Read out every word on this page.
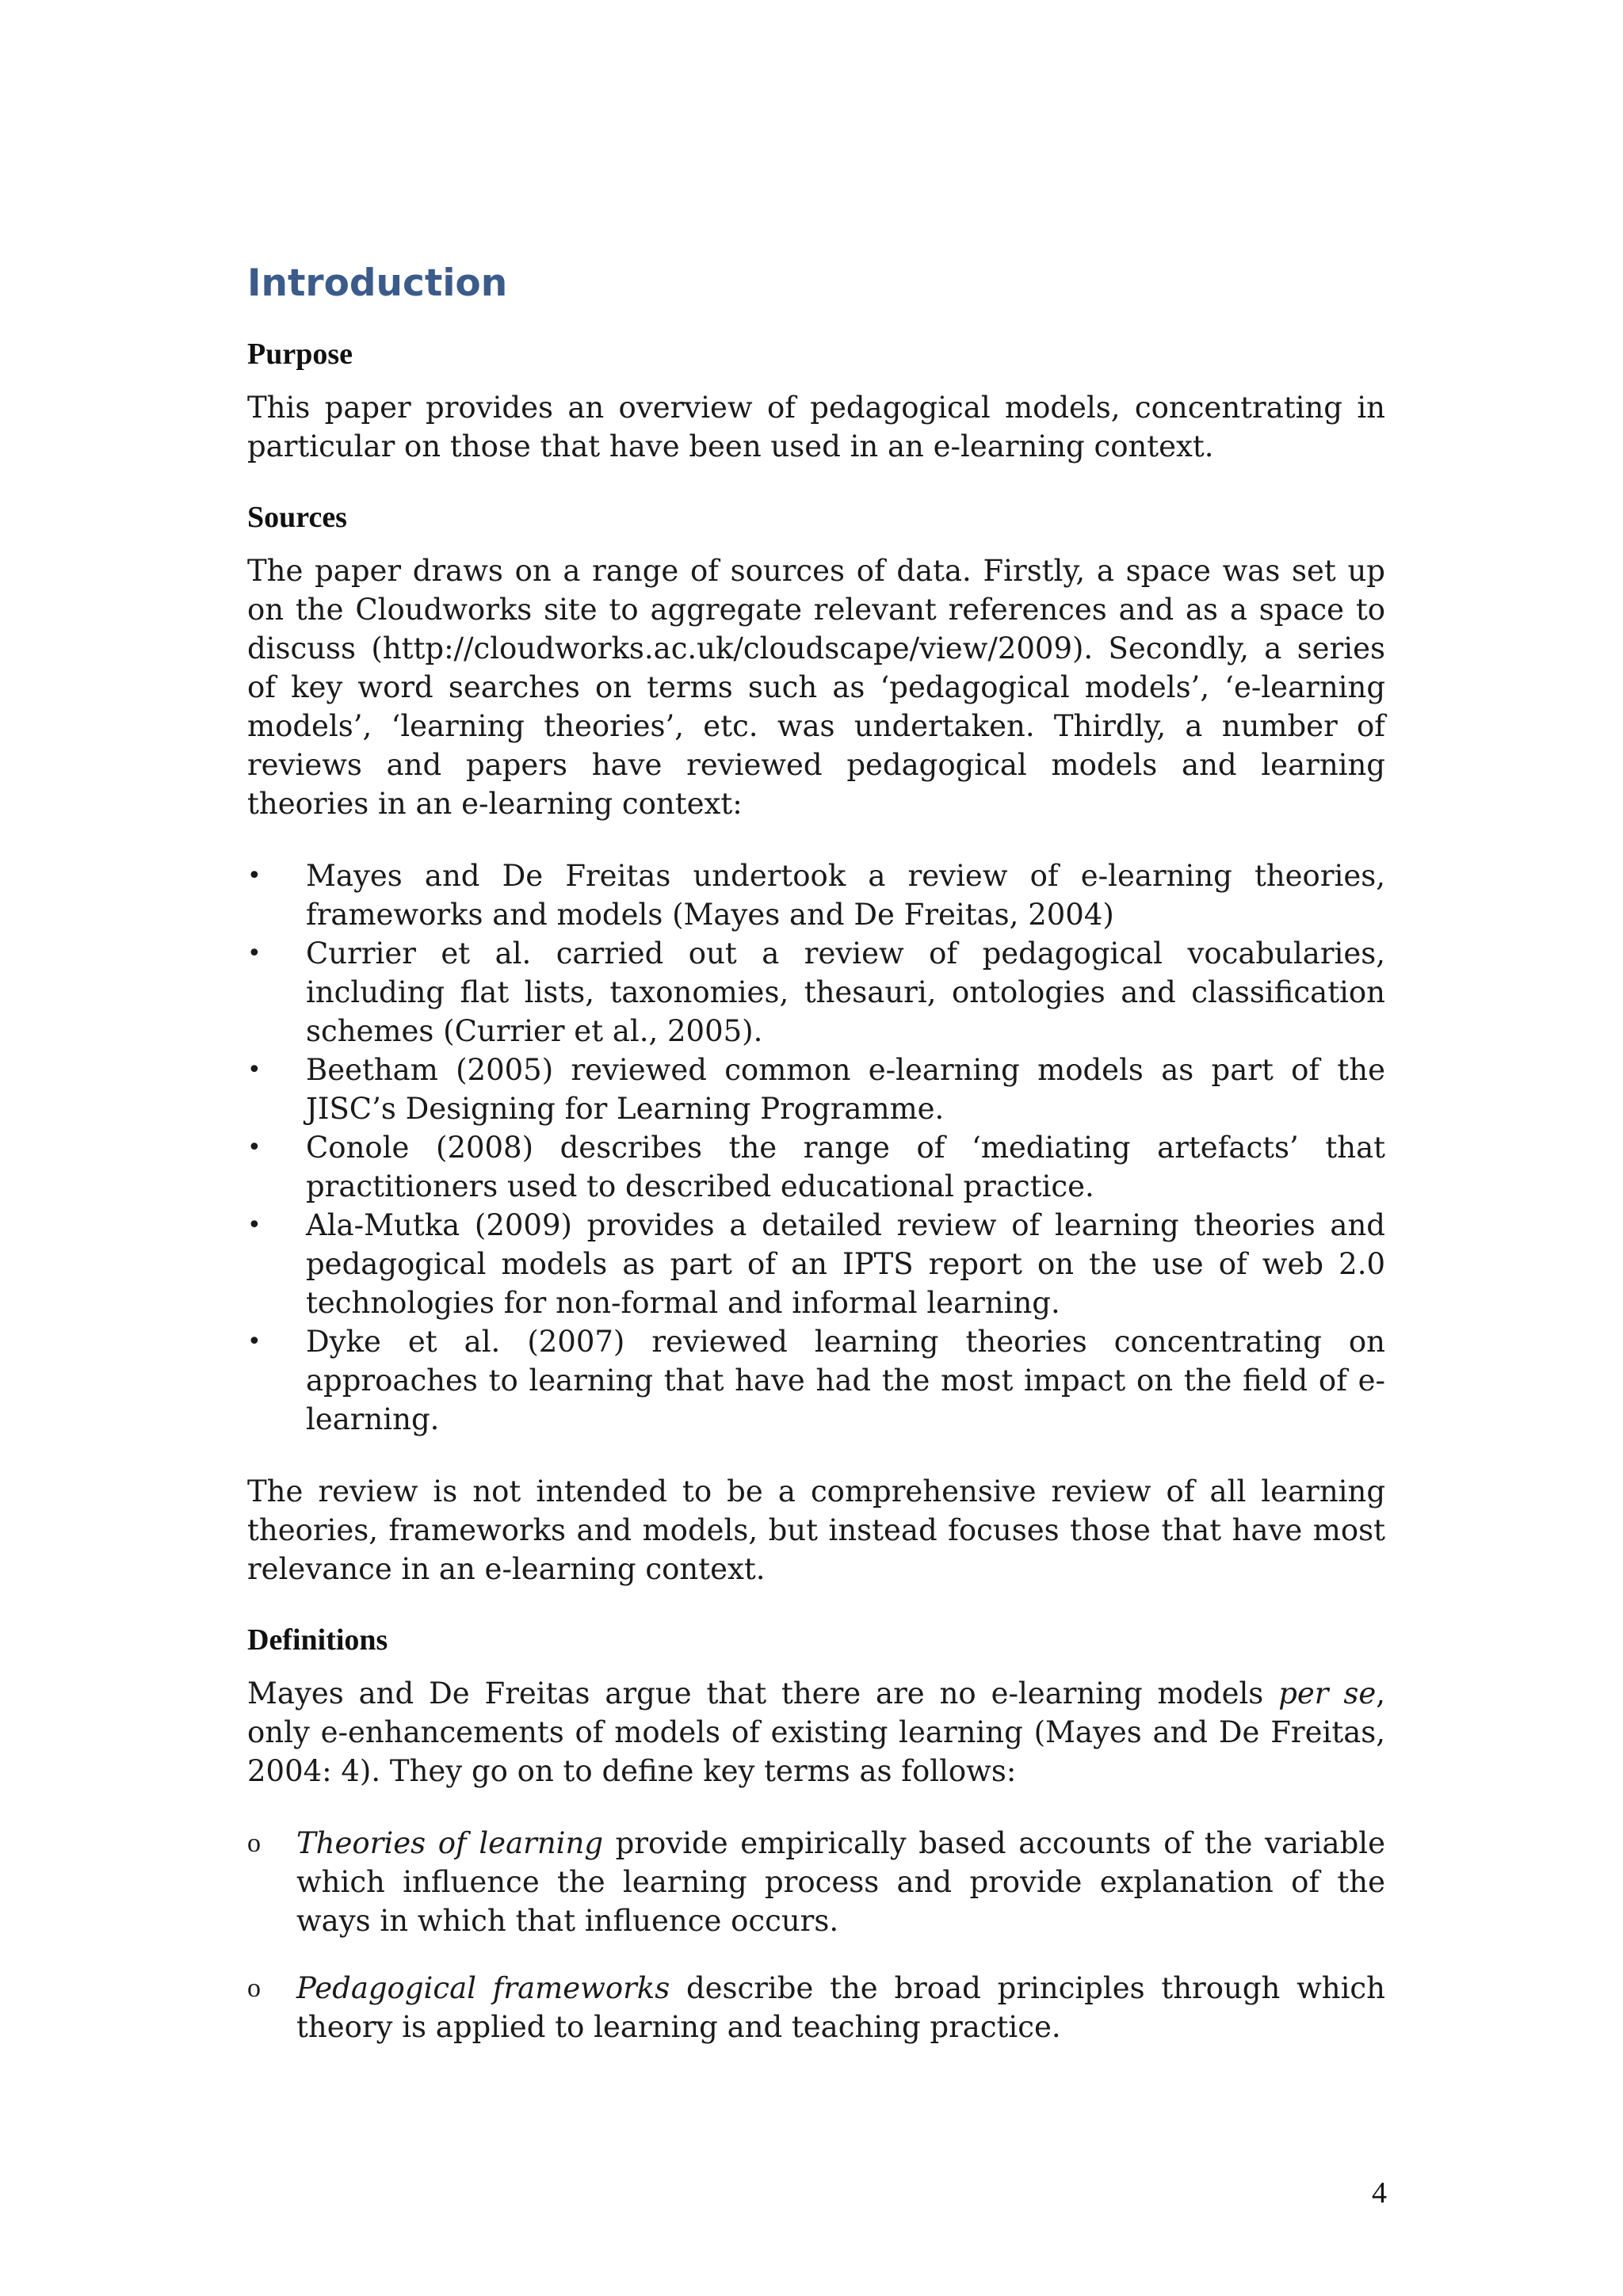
Introduction
Purpose

This paper provides an overview of pedagogical models, concentrating in particular on those that have been used in an e-learning context.

Sources

The paper draws on a range of sources of data. Firstly, a space was set up on the Cloudworks site to aggregate relevant references and as a space to discuss (http://cloudworks.ac.uk/cloudscape/view/2009). Secondly, a series of key word searches on terms such as ‘pedagogical models’, ‘e-learning models’, ‘learning theories’, etc. was undertaken. Thirdly, a number of reviews and papers have reviewed pedagogical models and learning theories in an e-learning context:

• Mayes and De Freitas undertook a review of e-learning theories, frameworks and models (Mayes and De Freitas, 2004)
• Currier et al. carried out a review of pedagogical vocabularies, including flat lists, taxonomies, thesauri, ontologies and classification schemes (Currier et al., 2005).
• Beetham (2005) reviewed common e-learning models as part of the JISC’s Designing for Learning Programme.
• Conole (2008) describes the range of ‘mediating artefacts’ that practitioners used to described educational practice.
• Ala-Mutka (2009) provides a detailed review of learning theories and pedagogical models as part of an IPTS report on the use of web 2.0 technologies for non-formal and informal learning.
• Dyke et al. (2007) reviewed learning theories concentrating on approaches to learning that have had the most impact on the field of e-learning.

The review is not intended to be a comprehensive review of all learning theories, frameworks and models, but instead focuses those that have most relevance in an e-learning context.

Definitions

Mayes and De Freitas argue that there are no e-learning models per se, only e-enhancements of models of existing learning (Mayes and De Freitas, 2004: 4). They go on to define key terms as follows:

o Theories of learning provide empirically based accounts of the variable which influence the learning process and provide explanation of the ways in which that influence occurs.
o Pedagogical frameworks describe the broad principles through which theory is applied to learning and teaching practice.
4
